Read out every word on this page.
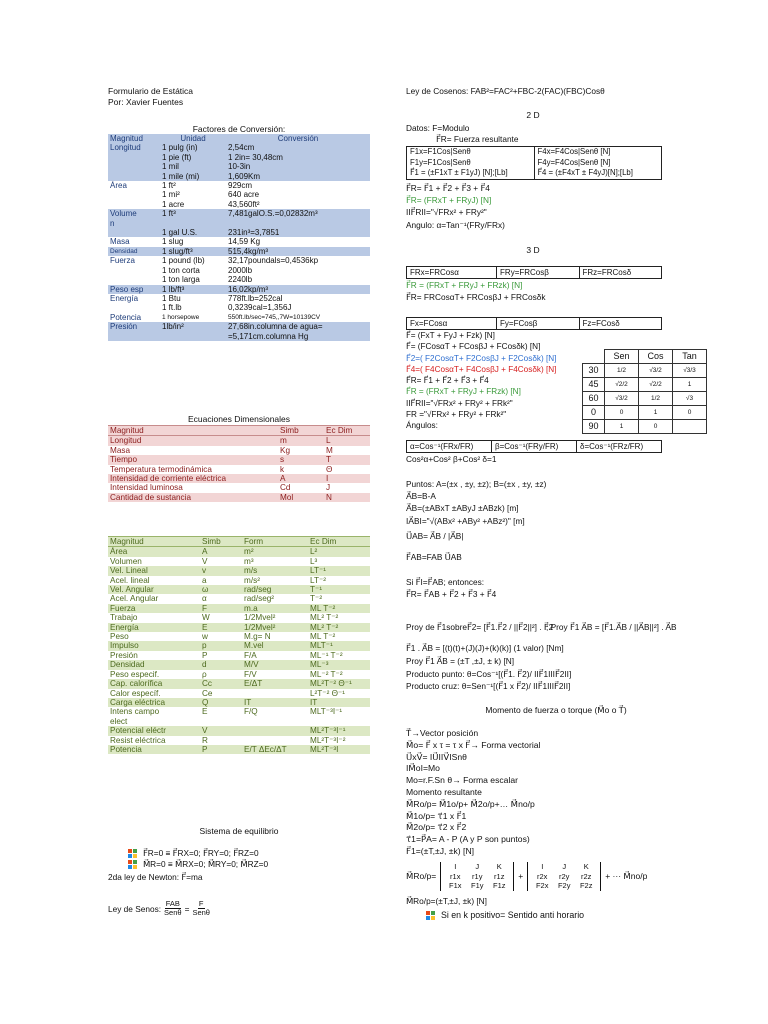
Formulario de Estática
Por: Xavier Fuentes
Factores de Conversión:
Magnitud	Unidad	Conversión
Longitud	1 pulg (in)	2,54cm
	1 pie (ft)	1 2in= 30,48cm
	1 mil	10-3in
	1 mile (mi)	1,609Km
Área	1 ft²	929cm
	1 mi²	640 acre
	1 acre	43,560ft²
Volume	1 ft³	7,481galO.S.=0,02832m³
n		
	1 gal U.S.	231in³=3,7851
Masa	1 slug	14,59 Kg
Densidad	1 slug/ft³	515,4kg/m³
Fuerza	1 pound (lb)	32,17poundals=0,4536kp
	1 ton corta	2000lb
	1 ton larga	2240lb
Peso esp	1 lb/ft³	16,02kp/m³
Energía	1 Btu	778ft.lb=252cal
	1 ft.lb	0,3239cal=1,356J
Potencia	1 horsepowe	550ft.lb/sec=745,,7W=10139CV
Presión	1lb/in²	27,68in.columna de agua=
		=5,171cm.columna Hg
Ecuaciones Dimensionales
Magnitud	Simb	Ec Dim
Longitud	m	L
Masa	Kg	M
Tiempo	s	T
Temperatura termodinámica	k	Θ
Intensidad de corriente eléctrica	A	I
Intensidad luminosa	Cd	J
Cantidad de sustancia	Mol	N
Magnitud	Simb	Form	Ec Dim
Área	A	m²	L²
Volumen	V	m³	L³
Vel. Lineal	v	m/s	LT⁻¹
Acel. lineal	a	m/s²	LT⁻²
Vel. Angular	ω	rad/seg	T⁻¹
Acel. Angular	α	rad/seg²	T⁻²
Fuerza	F	m.a	ML T⁻²
Trabajo	W	1/2Mvel²	ML² T⁻²
Energía	E	1/2Mvel²	ML² T⁻²
Peso	w	M.g= N	ML T⁻²
Impulso	p	M.vel	MLT⁻¹
Presión	P	F/A	ML⁻¹ T⁻²
Densidad	d	M/V	ML⁻³
Peso especif.	ρ	F/V	ML⁻² T⁻²
Cap. calorífica	Cc	E/ΔT	ML²T⁻² Θ⁻¹
Calor específ.	Ce		L²T⁻² Θ⁻¹
Carga eléctrica	Q	IT	IT
Intens campo	E	F/Q	MLT⁻³I⁻¹
elect			
Potencial eléctr	V		ML²T⁻³I⁻¹
Resist eléctrica	R		ML²T⁻³I⁻²
Potencia	P	E/T ΔEc/ΔT	ML²T⁻³I
Sistema de equilibrio
F⃗R=0 ≡ F⃗RX=0; F⃗RY=0; F⃗RZ=0
M⃗R=0 ≡ M⃗RX=0; M⃗RY=0; M⃗RZ=0
2da ley de Newton: F⃗=ma
Ley de Senos: FAB
Senθ = F
Senθ
Ley de Cosenos: FAB²=FAC²+FBC-2(FAC)(FBC)Cosθ
2 D
Datos: F=Modulo
F⃗R= Fuerza resultante
F1x=F1Cos|Senθ	F4x=F4Cos|Senθ [N]
F1y=F1Cos|Senθ	F4y=F4Cos|Senθ [N]
F⃗1 = (±F1xT ± F1yJ) [N];[Lb]	F⃗4 = (±F4xT ± F4yJ)[N];[Lb]
F⃗R= F⃗1 + F⃗2 + F⃗3 + F⃗4
F⃗R= (FRxT + FRyJ) [N]
IIF⃗RII="√FRx² + FRy²"
Angulo: α=Tan⁻¹(FRy/FRx)
3 D
FRx=FRCosα	FRy=FRCosβ	FRz=FRCosδ
F⃗R = (FRxT + FRyJ + FRzk) [N]
F⃗R= FRCosαT+ FRCosβJ + FRCosδk
Fx=FCosα	Fy=FCosβ	Fz=FCosδ
F⃗= (FxT + FyJ + Fzk) [N]
F⃗= (FCosαT + FCosβJ + FCosδk) [N]
F⃗2=( F2CosαT+ F2CosβJ + F2Cosδk) [N]
F⃗4=( F4CosαT+ F4CosβJ + F4Cosδk) [N]
F⃗R= F⃗1 + F⃗2 + F⃗3 + F⃗4
F⃗R = (FRxT + FRyJ + FRzk) [N]
IIF⃗RII="√FRx² + FRy² + FRk²"
FR ="√FRx² + FRy² + FRk²"
Ángulos:
	Sen	Cos	Tan
30	1/2	√3/2	√3/3
45	√2/2	√2/2	1
60	√3/2	1/2	√3
0	0	1	0
90	1	0	
α=Cos⁻¹(FRx/FR)	β=Cos⁻¹(FRy/FR)	δ=Cos⁻¹(FRz/FR)
Cos²α+Cos² β+Cos² δ=1
Puntos: A=(±x , ±y, ±z); B=(±x , ±y, ±z)
A⃗B=B-A
A⃗B=(±ABxT ±AByJ ±ABzk) [m]
IA⃗BI="√(ABx² +ABy² +ABz²)" [m]
U⃗AB= A⃗B / |A⃗B|
F⃗AB=FAB U⃗AB
Si F⃗I=F⃗AB; entonces:
F⃗R= F⃗AB + F⃗2 + F⃗3 + F⃗4
Proy de F⃗1sobreF⃗2= [F⃗1.F⃗2 / ||F⃗2||²] . F⃗2
; Proy F⃗1 A⃗B = [F⃗1.A⃗B / ||A⃗B||²] . A⃗B
F⃗1 . A⃗B = [(t)(t)+(J)(J)+(k)(k)] (1 valor) [Nm]
Proy F⃗1 A⃗B = (±T ,±J, ± k) [N]
Producto punto: θ=Cos⁻¹[(F⃗1. F⃗2)/ IIF⃗1IIIF⃗2II]
Producto cruz: θ=Sen⁻¹[(F⃗1 x F⃗2)/ IIF⃗1IIIF⃗2II]
Momento de fuerza o torque (M⃗o o T⃗)
T⃗→Vector posición
M⃗o= F⃗ x τ = τ x F⃗→ Forma vectorial
U⃗xV⃗= IU⃗IIV⃗ISnθ
IM⃗oI=Mo
Mo=r.F.Sn θ→ Forma escalar
Momento resultante
M⃗Ro/p= M⃗1o/p+ M⃗2o/p+… M⃗no/p
M⃗1o/p= τ⃗1 x F⃗1
M⃗2o/p= τ⃗2 x F⃗2
τ⃗1=P⃗A= A - P (A y P son puntos)
F⃗1=(±T,±J, ±k) [N]
M⃗Ro/p=
I	J	K
r1x	r1y	r1z
F1x	F1y	F1z
+
I	J	K
r2x	r2y	r2z
F2x	F2y	F2z
+ ··· M⃗no/p
M⃗Ro/p=(±T,±J, ±k) [N]
Si en k positivo= Sentido anti horario
